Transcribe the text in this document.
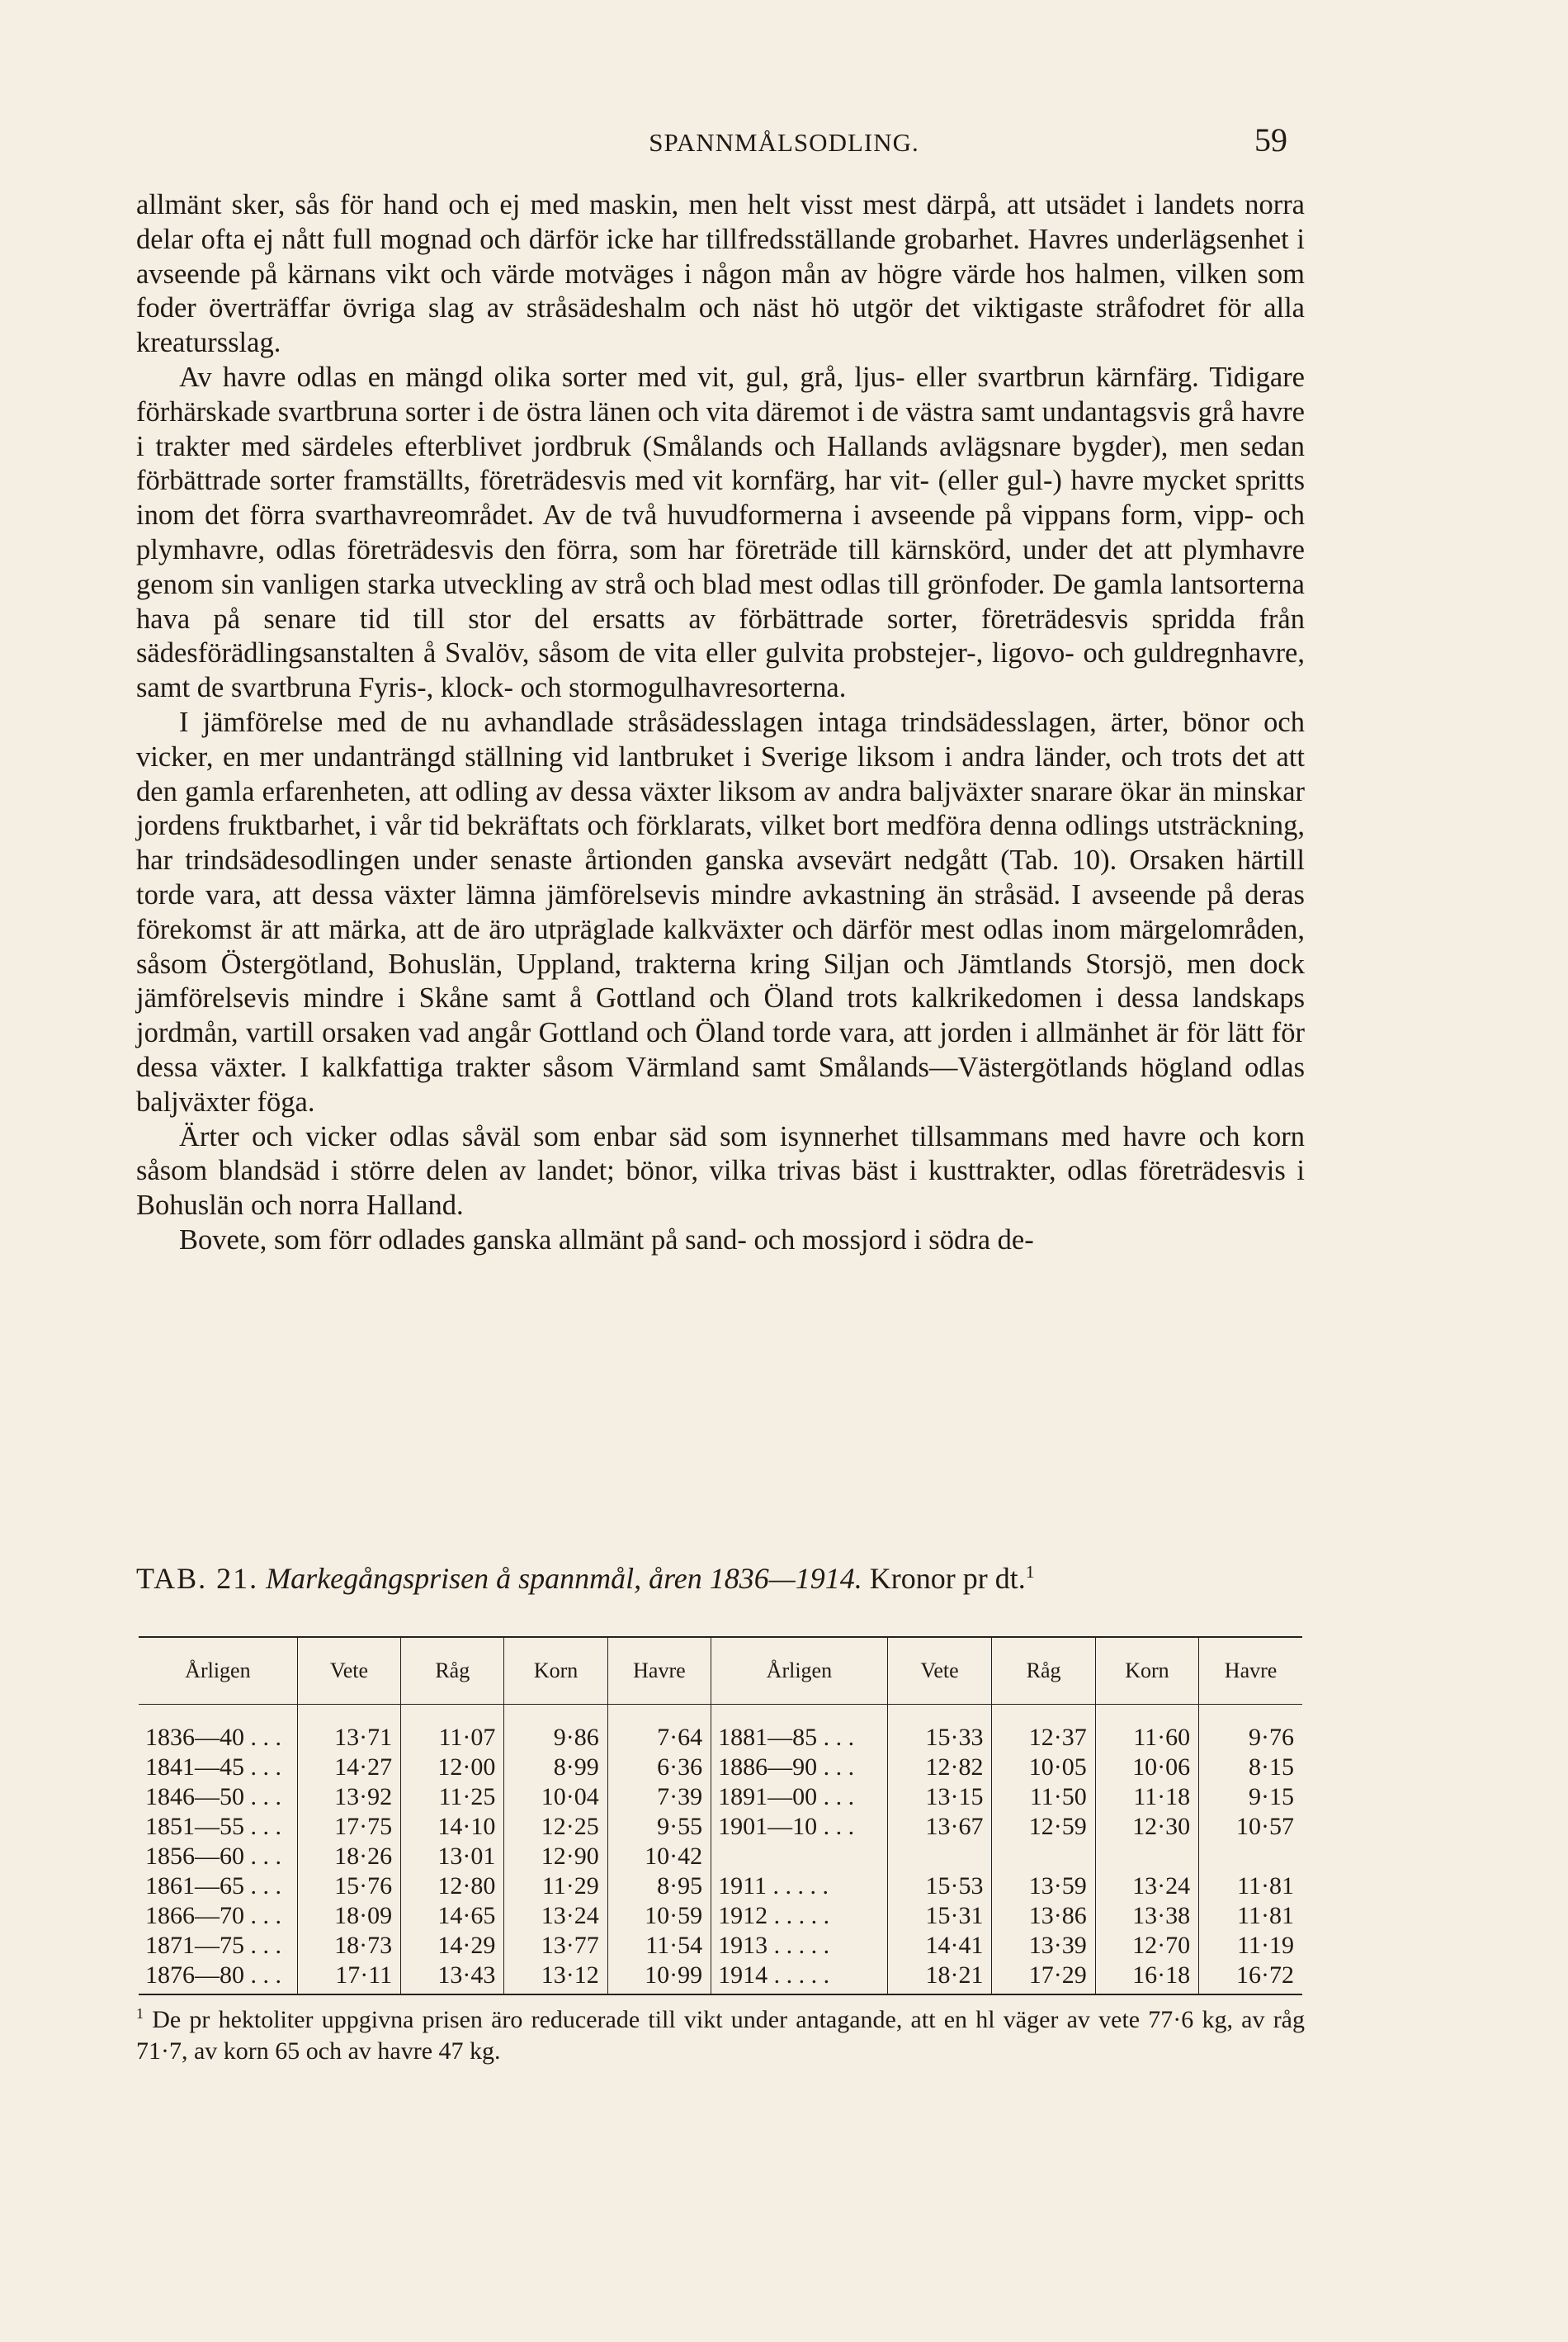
SPANNMÅLSODLING.	59

allmänt sker, sås för hand och ej med maskin, men helt visst mest därpå, att utsädet i landets norra delar ofta ej nått full mognad och därför icke har tillfredsställande grobarhet. Havres underlägsenhet i avseende på kärnans vikt och värde motväges i någon mån av högre värde hos halmen, vilken som foder överträffar övriga slag av stråsädeshalm och näst hö utgör det viktigaste stråfodret för alla kreatursslag.

Av havre odlas en mängd olika sorter med vit, gul, grå, ljus- eller svartbrun kärnfärg. Tidigare förhärskade svartbruna sorter i de östra länen och vita däremot i de västra samt undantagsvis grå havre i trakter med särdeles efterblivet jordbruk (Smålands och Hallands avlägsnare bygder), men sedan förbättrade sorter framställts, företrädesvis med vit kornfärg, har vit- (eller gul-) havre mycket spritts inom det förra svarthavreområdet. Av de två huvudformerna i avseende på vippans form, vipp- och plymhavre, odlas företrädesvis den förra, som har företräde till kärnskörd, under det att plymhavre genom sin vanligen starka utveckling av strå och blad mest odlas till grönfoder. De gamla lantsorterna hava på senare tid till stor del ersatts av förbättrade sorter, företrädesvis spridda från sädesförädlingsanstalten å Svalöv, såsom de vita eller gulvita probstejer-, ligovo- och guldregnhavre, samt de svartbruna Fyris-, klock- och stormogulhavresorterna.

I jämförelse med de nu avhandlade stråsädesslagen intaga trindsädesslagen, ärter, bönor och vicker, en mer undanträngd ställning vid lantbruket i Sverige liksom i andra länder, och trots det att den gamla erfarenheten, att odling av dessa växter liksom av andra baljväxter snarare ökar än minskar jordens fruktbarhet, i vår tid bekräftats och förklarats, vilket bort medföra denna odlings utsträckning, har trindsädesodlingen under senaste årtionden ganska avsevärt nedgått (Tab. 10). Orsaken härtill torde vara, att dessa växter lämna jämförelsevis mindre avkastning än stråsäd. I avseende på deras förekomst är att märka, att de äro utpräglade kalkväxter och därför mest odlas inom märgelområden, såsom Östergötland, Bohuslän, Uppland, trakterna kring Siljan och Jämtlands Storsjö, men dock jämförelsevis mindre i Skåne samt å Gottland och Öland trots kalkrikedomen i dessa landskaps jordmån, vartill orsaken vad angår Gottland och Öland torde vara, att jorden i allmänhet är för lätt för dessa växter. I kalkfattiga trakter såsom Värmland samt Smålands—Västergötlands högland odlas baljväxter föga.

Ärter och vicker odlas såväl som enbar säd som isynnerhet tillsammans med havre och korn såsom blandsäd i större delen av landet; bönor, vilka trivas bäst i kusttrakter, odlas företrädesvis i Bohuslän och norra Halland.

Bovete, som förr odlades ganska allmänt på sand- och mossjord i södra de-

TAB. 21. Markegångsprisen å spannmål, åren 1836—1914. Kronor pr dt.$^1$
Årligen	Vete	Råg	Korn	Havre	Årligen	Vete	Råg	Korn	Havre

1836—40 . . .	13·71	11·07	9·86	7·64	1881—85 . . .	15·33	12·37	11·60	9·76
1841—45 . . .	14·27	12·00	8·99	6·36	1886—90 . . .	12·82	10·05	10·06	8·15
1846—50 . . .	13·92	11·25	10·04	7·39	1891—00 . . .	13·15	11·50	11·18	9·15
1851—55 . . .	17·75	14·10	12·25	9·55	1901—10 . . .	13·67	12·59	12·30	10·57
1856—60 . . .	18·26	13·01	12·90	10·42					
1861—65 . . .	15·76	12·80	11·29	8·95	1911 . . . . .	15·53	13·59	13·24	11·81
1866—70 . . .	18·09	14·65	13·24	10·59	1912 . . . . .	15·31	13·86	13·38	11·81
1871—75 . . .	18·73	14·29	13·77	11·54	1913 . . . . .	14·41	13·39	12·70	11·19
1876—80 . . .	17·11	13·43	13·12	10·99	1914 . . . . .	18·21	17·29	16·18	16·72
$^1$ De pr hektoliter uppgivna prisen äro reducerade till vikt under antagande, att en hl väger av vete 77·6 kg, av råg 71·7, av korn 65 och av havre 47 kg.
